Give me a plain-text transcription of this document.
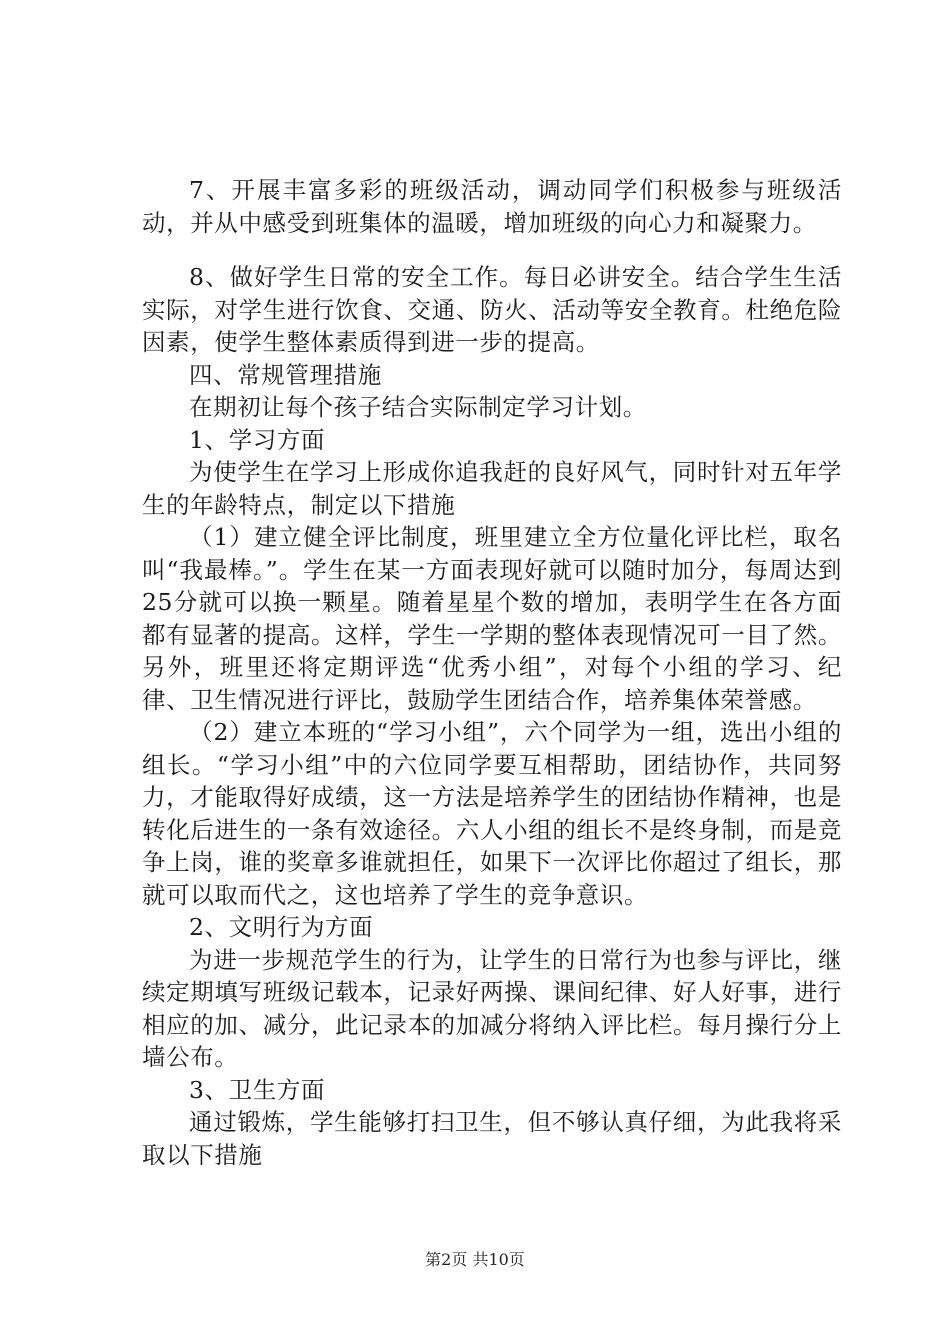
7、开展丰富多彩的班级活动，调动同学们积极参与班级活动，并从中感受到班集体的温暖，增加班级的向心力和凝聚力。

8、做好学生日常的安全工作。每日必讲安全。结合学生生活实际，对学生进行饮食、交通、防火、活动等安全教育。杜绝危险因素，使学生整体素质得到进一步的提高。

四、常规管理措施

在期初让每个孩子结合实际制定学习计划。

1、学习方面

为使学生在学习上形成你追我赶的良好风气，同时针对五年学生的年龄特点，制定以下措施

（1）建立健全评比制度，班里建立全方位量化评比栏，取名叫“我最棒。”。学生在某一方面表现好就可以随时加分，每周达到25分就可以换一颗星。随着星星个数的增加，表明学生在各方面都有显著的提高。这样，学生一学期的整体表现情况可一目了然。另外，班里还将定期评选“优秀小组”，对每个小组的学习、纪律、卫生情况进行评比，鼓励学生团结合作，培养集体荣誉感。

（2）建立本班的“学习小组”，六个同学为一组，选出小组的组长。“学习小组”中的六位同学要互相帮助，团结协作，共同努力，才能取得好成绩，这一方法是培养学生的团结协作精神，也是转化后进生的一条有效途径。六人小组的组长不是终身制，而是竞争上岗，谁的奖章多谁就担任，如果下一次评比你超过了组长，那就可以取而代之，这也培养了学生的竞争意识。

2、文明行为方面

为进一步规范学生的行为，让学生的日常行为也参与评比，继续定期填写班级记载本，记录好两操、课间纪律、好人好事，进行相应的加、减分，此记录本的加减分将纳入评比栏。每月操行分上墙公布。

3、卫生方面

通过锻炼，学生能够打扫卫生，但不够认真仔细，为此我将采取以下措施

第2页 共10页
